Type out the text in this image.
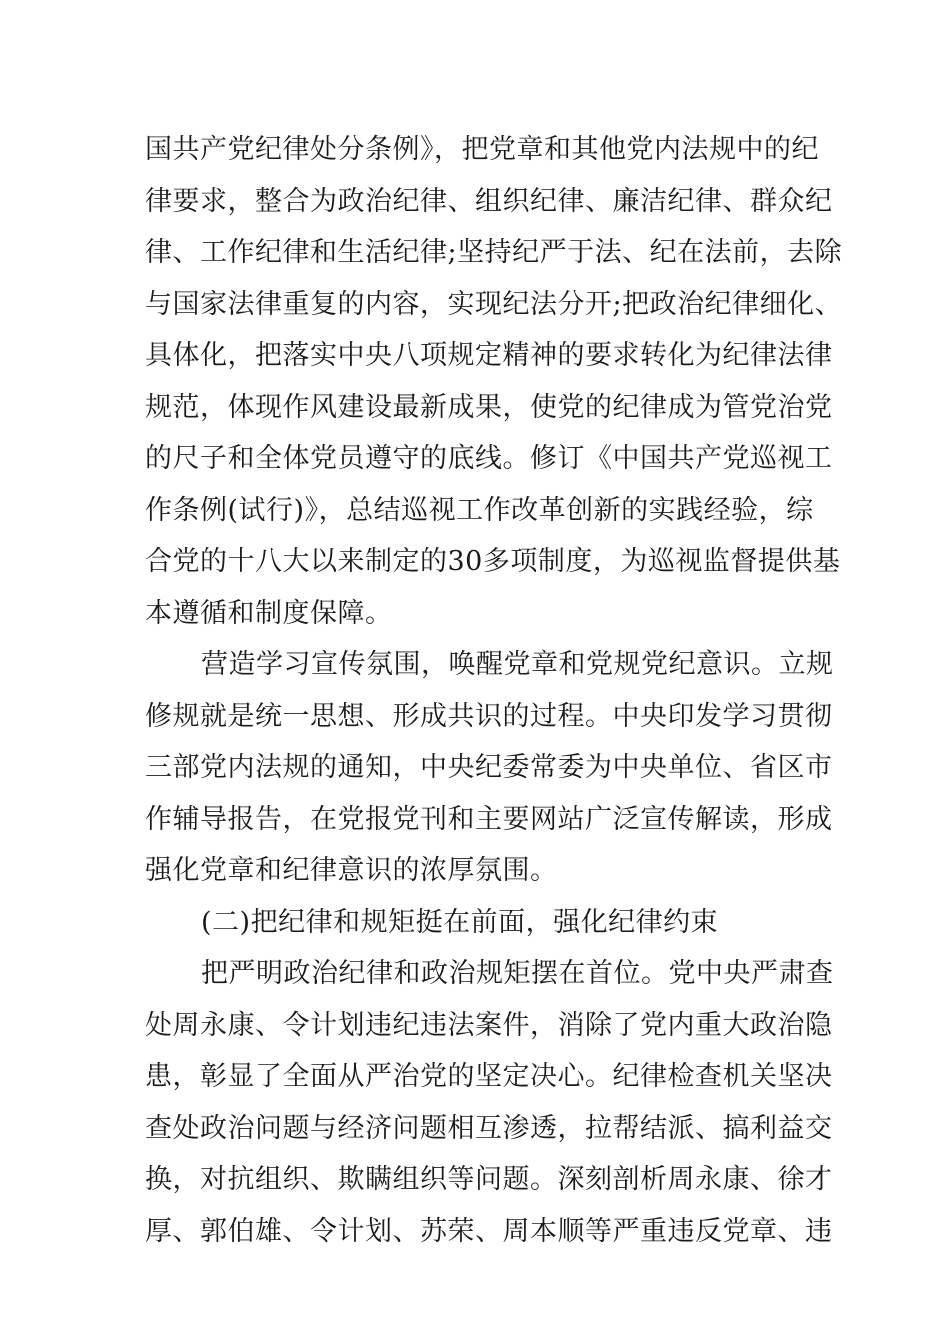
国共产党纪律处分条例》，把党章和其他党内法规中的纪
律要求，整合为政治纪律、组织纪律、廉洁纪律、群众纪
律、工作纪律和生活纪律;坚持纪严于法、纪在法前，去除
与国家法律重复的内容，实现纪法分开;把政治纪律细化、
具体化，把落实中央八项规定精神的要求转化为纪律法律
规范，体现作风建设最新成果，使党的纪律成为管党治党
的尺子和全体党员遵守的底线。修订《中国共产党巡视工
作条例(试行)》，总结巡视工作改革创新的实践经验，综
合党的十八大以来制定的30多项制度，为巡视监督提供基
本遵循和制度保障。
营造学习宣传氛围，唤醒党章和党规党纪意识。立规
修规就是统一思想、形成共识的过程。中央印发学习贯彻
三部党内法规的通知，中央纪委常委为中央单位、省区市
作辅导报告，在党报党刊和主要网站广泛宣传解读，形成
强化党章和纪律意识的浓厚氛围。
(二)把纪律和规矩挺在前面，强化纪律约束
把严明政治纪律和政治规矩摆在首位。党中央严肃查
处周永康、令计划违纪违法案件，消除了党内重大政治隐
患，彰显了全面从严治党的坚定决心。纪律检查机关坚决
查处政治问题与经济问题相互渗透，拉帮结派、搞利益交
换，对抗组织、欺瞒组织等问题。深刻剖析周永康、徐才
厚、郭伯雄、令计划、苏荣、周本顺等严重违反党章、违
